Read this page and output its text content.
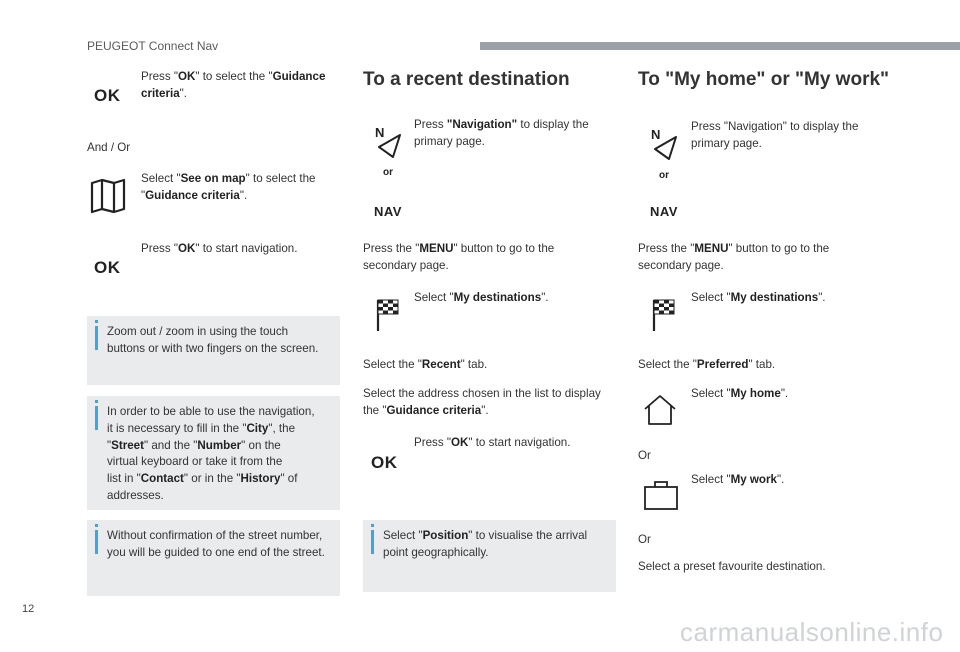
PEUGEOT Connect Nav
12
carmanualsonline.info
OK
Press "OK" to select the "Guidance
criteria".
And / Or
Select "See on map" to select the
"Guidance criteria".
OK
Press "OK" to start navigation.
Zoom out / zoom in using the touch
buttons or with two fingers on the screen.
In order to be able to use the navigation,
it is necessary to fill in the "City", the
"Street" and the "Number" on the
virtual keyboard or take it from the
list in "Contact" or in the "History" of
addresses.
Without confirmation of the street number,
you will be guided to one end of the street.
To a recent destination
N
or
NAV
Press "Navigation" to display the
primary page.
Press the "MENU" button to go to the
secondary page.
Select "My destinations".
Select the "Recent" tab.
Select the address chosen in the list to display
the "Guidance criteria".
OK
Press "OK" to start navigation.
Select "Position" to visualise the arrival
point geographically.
To "My home" or "My work"
N
or
NAV
Press "Navigation" to display the
primary page.
Press the "MENU" button to go to the
secondary page.
Select "My destinations".
Select the "Preferred" tab.
Select "My home".
Or
Select "My work".
Or
Select a preset favourite destination.
